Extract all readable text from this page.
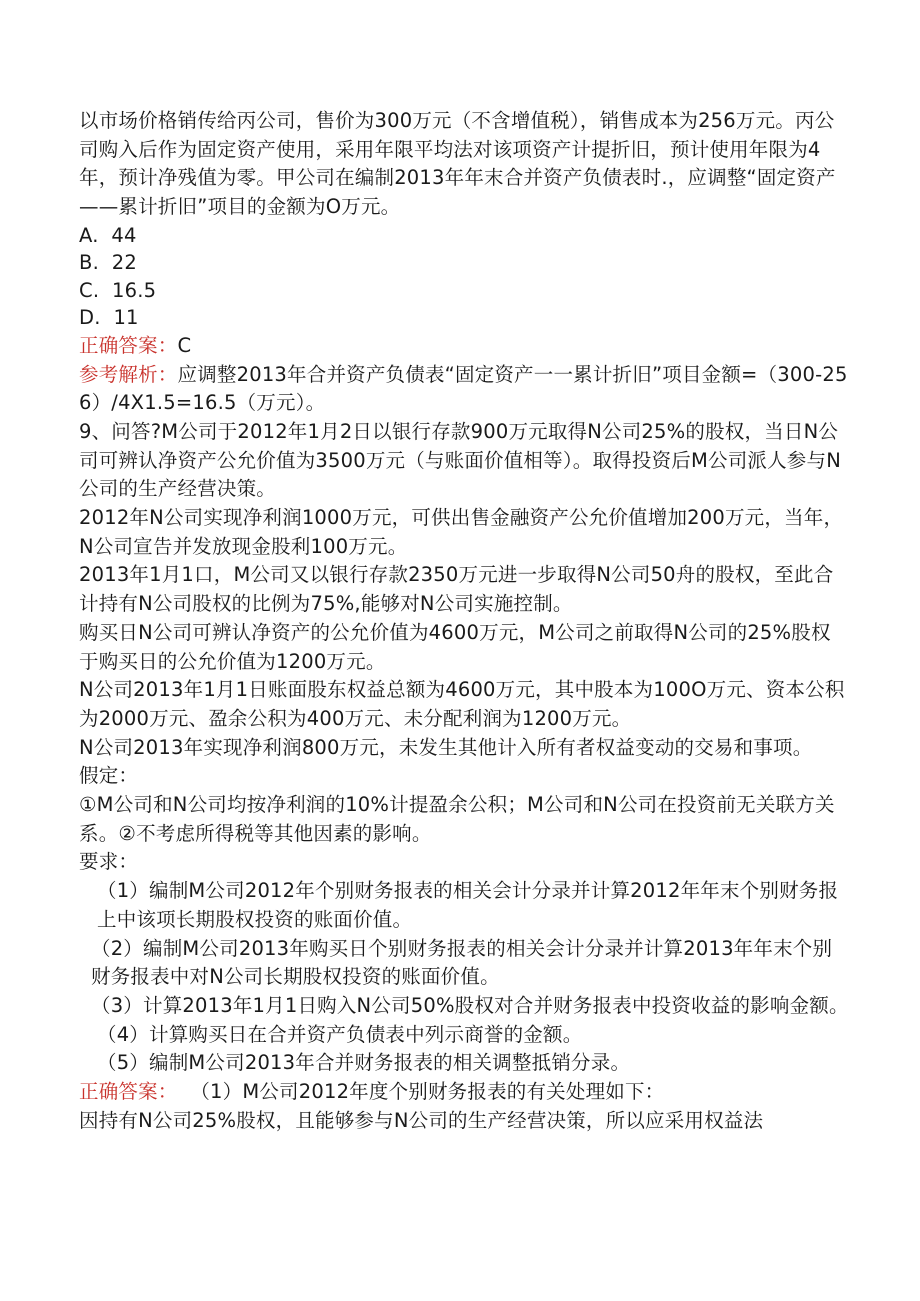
以市场价格销传给丙公司，售价为300万元（不含增值税），销售成本为256万元。丙公司购入后作为固定资产使用，采用年限平均法对该项资产计提折旧，预计使用年限为4年，预计净残值为零。甲公司在编制2013年年末合并资产负债表时.，应调整“固定资产——累计折旧”项目的金额为O万元。

A. 44

B. 22

C. 16.5

D. 11

正确答案：C

参考解析：应调整2013年合并资产负债表“固定资产一一累计折旧”项目金额=（300-256）/4X1.5=16.5（万元）。

9、问答?M公司于2012年1月2日以银行存款900万元取得N公司25%的股权，当日N公司可辨认净资产公允价值为3500万元（与账面价值相等）。取得投资后M公司派人参与N公司的生产经营决策。

2012年N公司实现净利润1000万元，可供出售金融资产公允价值增加200万元，当年，N公司宣告并发放现金股利100万元。

2013年1月1口，M公司又以银行存款2350万元进一步取得N公司50舟的股权，至此合计持有N公司股权的比例为75%,能够对N公司实施控制。

购买日N公司可辨认净资产的公允价值为4600万元，M公司之前取得N公司的25%股权于购买日的公允价值为1200万元。

N公司2013年1月1日账面股东权益总额为4600万元，其中股本为100O万元、资本公积为2000万元、盈余公积为400万元、未分配利润为1200万元。

N公司2013年实现净利润800万元，未发生其他计入所有者权益变动的交易和事项。

假定：

①M公司和N公司均按净利润的10%计提盈余公积；M公司和N公司在投资前无关联方关系。②不考虑所得税等其他因素的影响。

要求：

（1）编制M公司2012年个别财务报表的相关会计分录并计算2012年年末个别财务报上中该项长期股权投资的账面价值。

（2）编制M公司2013年购买日个别财务报表的相关会计分录并计算2013年年末个别财务报表中对N公司长期股权投资的账面价值。

（3）计算2013年1月1日购入N公司50%股权对合并财务报表中投资收益的影响金额。

（4）计算购买日在合并资产负债表中列示商誉的金额。

（5）编制M公司2013年合并财务报表的相关调整抵销分录。

正确答案： （1）M公司2012年度个别财务报表的有关处理如下：

因持有N公司25%股权，且能够参与N公司的生产经营决策，所以应采用权益法
